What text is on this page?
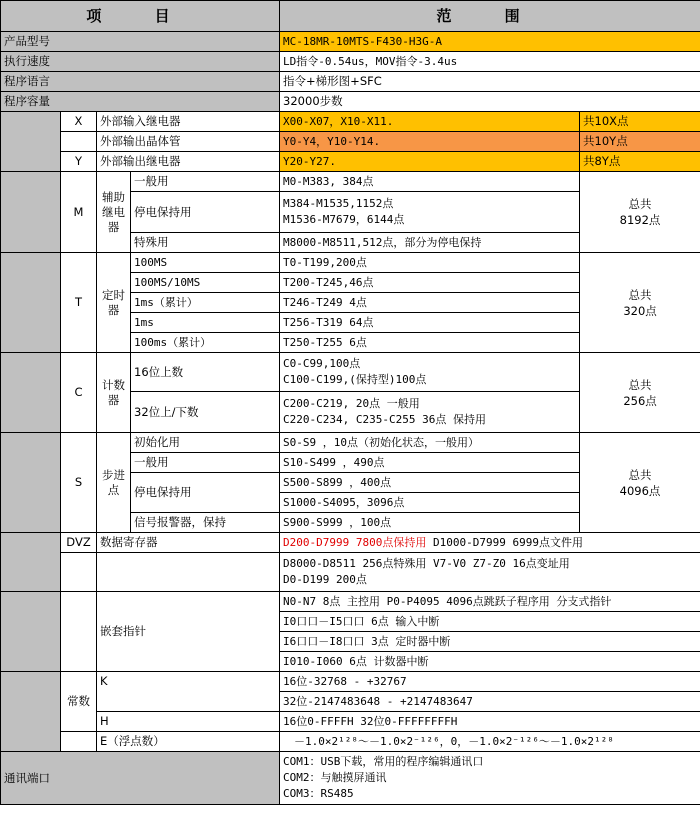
项 目				范 围	
产品型号				MC-18MR-10MTS-F430-H3G-A	
执行速度				LD指令-0.54us，MOV指令-3.4us	
程序语言				指令+梯形图+SFC	
程序容量				32000步数	
	X	外部输入继电器		X00-X07，X10-X11.	共10X点
		外部输出晶体管		Y0-Y4，Y10-Y14.	共10Y点
	Y	外部输出继电器		Y20-Y27.	共8Y点
	M	辅助继电器	一般用	M0-M383, 384点	总共
8192点
			停电保持用	M384-M1535,1152点
M1536-M7679，6144点	
			特殊用	M8000-M8511,512点，部分为停电保持	
	T	定时器	100MS	T0-T199,200点	总共
320点
			100MS/10MS	T200-T245,46点	
			1ms（累计）	T246-T249 4点	
			1ms	T256-T319 64点	
			100ms（累计）	T250-T255 6点	
	C	计数器	16位上数	C0-C99,100点
C100-C199,(保持型)100点	总共
256点
			32位上/下数	C200-C219, 20点 一般用
C220-C234, C235-C255 36点 保持用	
	S	步进点	初始化用	S0-S9 ，10点（初始化状态，一般用）	总共
4096点
			一般用	S10-S499 ，490点	
			停电保持用	S500-S899 ，400点	
				S1000-S4095，3096点	
			信号报警器，保持	S900-S999 ，100点	
	DVZ	数据寄存器		D200-D7999 7800点保持用 D1000-D7999 6999点文件用	
				D8000-D8511 256点特殊用 V7-V0 Z7-Z0 16点变址用
D0-D199 200点	
		嵌套指针		N0-N7 8点 主控用 P0-P4095 4096点跳跃子程序用 分支式指针	
				I0口口－I5口口 6点 输入中断	
				I6口口－I8口口 3点 定时器中断	
				I010-I060 6点 计数器中断	
	常数	K		16位-32768 - +32767	
				32位-2147483648 - +2147483647	
		H		16位0-FFFFH 32位0-FFFFFFFFH	
		E（浮点数）		－1.0×2¹²⁸～－1.0×2⁻¹²⁶，0，－1.0×2⁻¹²⁶～－1.0×2¹²⁸	
通讯端口				COM1：USB下载，常用的程序编辑通讯口
COM2：与触摸屏通讯
COM3：RS485	
